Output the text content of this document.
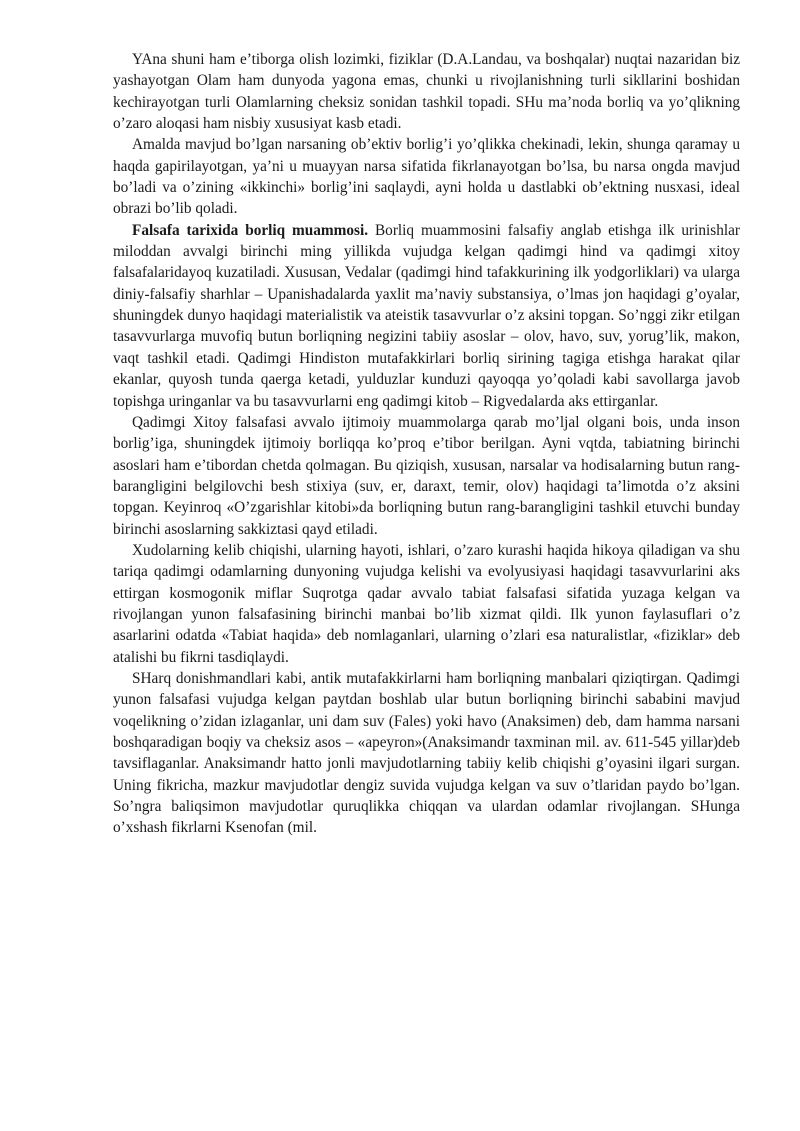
YAna shuni ham e’tiborga olish lozimki, fiziklar (D.A.Landau, va boshqalar) nuqtai nazaridan biz yashayotgan Olam ham dunyoda yagona emas, chunki u rivojlanishning turli sikllarini boshidan kechirayotgan turli Olamlarning cheksiz sonidan tashkil topadi. SHu ma’noda borliq va yo’qlikning o’zaro aloqasi ham nisbiy xususiyat kasb etadi.

Amalda mavjud bo’lgan narsaning ob’ektiv borlig’i yo’qlikka chekinadi, lekin, shunga qaramay u haqda gapirilayotgan, ya’ni u muayyan narsa sifatida fikrlanayotgan bo’lsa, bu narsa ongda mavjud bo’ladi va o’zining «ikkinchi» borlig’ini saqlaydi, ayni holda u dastlabki ob’ektning nusxasi, ideal obrazi bo’lib qoladi.

Falsafa tarixida borliq muammosi. Borliq muammosini falsafiy anglab etishga ilk urinishlar miloddan avvalgi birinchi ming yillikda vujudga kelgan qadimgi hind va qadimgi xitoy falsafalaridayoq kuzatiladi. Xususan, Vedalar (qadimgi hind tafakkurining ilk yodgorliklari) va ularga diniy-falsafiy sharhlar – Upanishadalarda yaxlit ma’naviy substansiya, o’lmas jon haqidagi g’oyalar, shuningdek dunyo haqidagi materialistik va ateistik tasavvurlar o’z aksini topgan. So’nggi zikr etilgan tasavvurlarga muvofiq butun borliqning negizini tabiiy asoslar – olov, havo, suv, yorug’lik, makon, vaqt tashkil etadi. Qadimgi Hindiston mutafakkirlari borliq sirining tagiga etishga harakat qilar ekanlar, quyosh tunda qaerga ketadi, yulduzlar kunduzi qayoqqa yo’qoladi kabi savollarga javob topishga uringanlar va bu tasavvurlarni eng qadimgi kitob – Rigvedalarda aks ettirganlar.

Qadimgi Xitoy falsafasi avvalo ijtimoiy muammolarga qarab mo’ljal olgani bois, unda inson borlig’iga, shuningdek ijtimoiy borliqqa ko’proq e’tibor berilgan. Ayni vqtda, tabiatning birinchi asoslari ham e’tibordan chetda qolmagan. Bu qiziqish, xususan, narsalar va hodisalarning butun rang-barangligini belgilovchi besh stixiya (suv, er, daraxt, temir, olov) haqidagi ta’limotda o’z aksini topgan. Keyinroq «O’zgarishlar kitobi»da borliqning butun rang-barangligini tashkil etuvchi bunday birinchi asoslarning sakkiztasi qayd etiladi.

Xudolarning kelib chiqishi, ularning hayoti, ishlari, o’zaro kurashi haqida hikoya qiladigan va shu tariqa qadimgi odamlarning dunyoning vujudga kelishi va evolyusiyasi haqidagi tasavvurlarini aks ettirgan kosmogonik miflar Suqrotga qadar avvalo tabiat falsafasi sifatida yuzaga kelgan va rivojlangan yunon falsafasining birinchi manbai bo’lib xizmat qildi. Ilk yunon faylasuflari o’z asarlarini odatda «Tabiat haqida» deb nomlaganlari, ularning o’zlari esa naturalistlar, «fiziklar» deb atalishi bu fikrni tasdiqlaydi.

SHarq donishmandlari kabi, antik mutafakkirlarni ham borliqning manbalari qiziqtirgan. Qadimgi yunon falsafasi vujudga kelgan paytdan boshlab ular butun borliqning birinchi sababini mavjud voqelikning o’zidan izlaganlar, uni dam suv (Fales) yoki havo (Anaksimen) deb, dam hamma narsani boshqaradigan boqiy va cheksiz asos – «apeyron»(Anaksimandr taxminan mil. av. 611-545 yillar)deb tavsiflaganlar. Anaksimandr hatto jonli mavjudotlarning tabiiy kelib chiqishi g’oyasini ilgari surgan. Uning fikricha, mazkur mavjudotlar dengiz suvida vujudga kelgan va suv o’tlaridan paydo bo’lgan. So’ngra baliqsimon mavjudotlar quruqlikka chiqqan va ulardan odamlar rivojlangan. SHunga o’xshash fikrlarni Ksenofan (mil.
